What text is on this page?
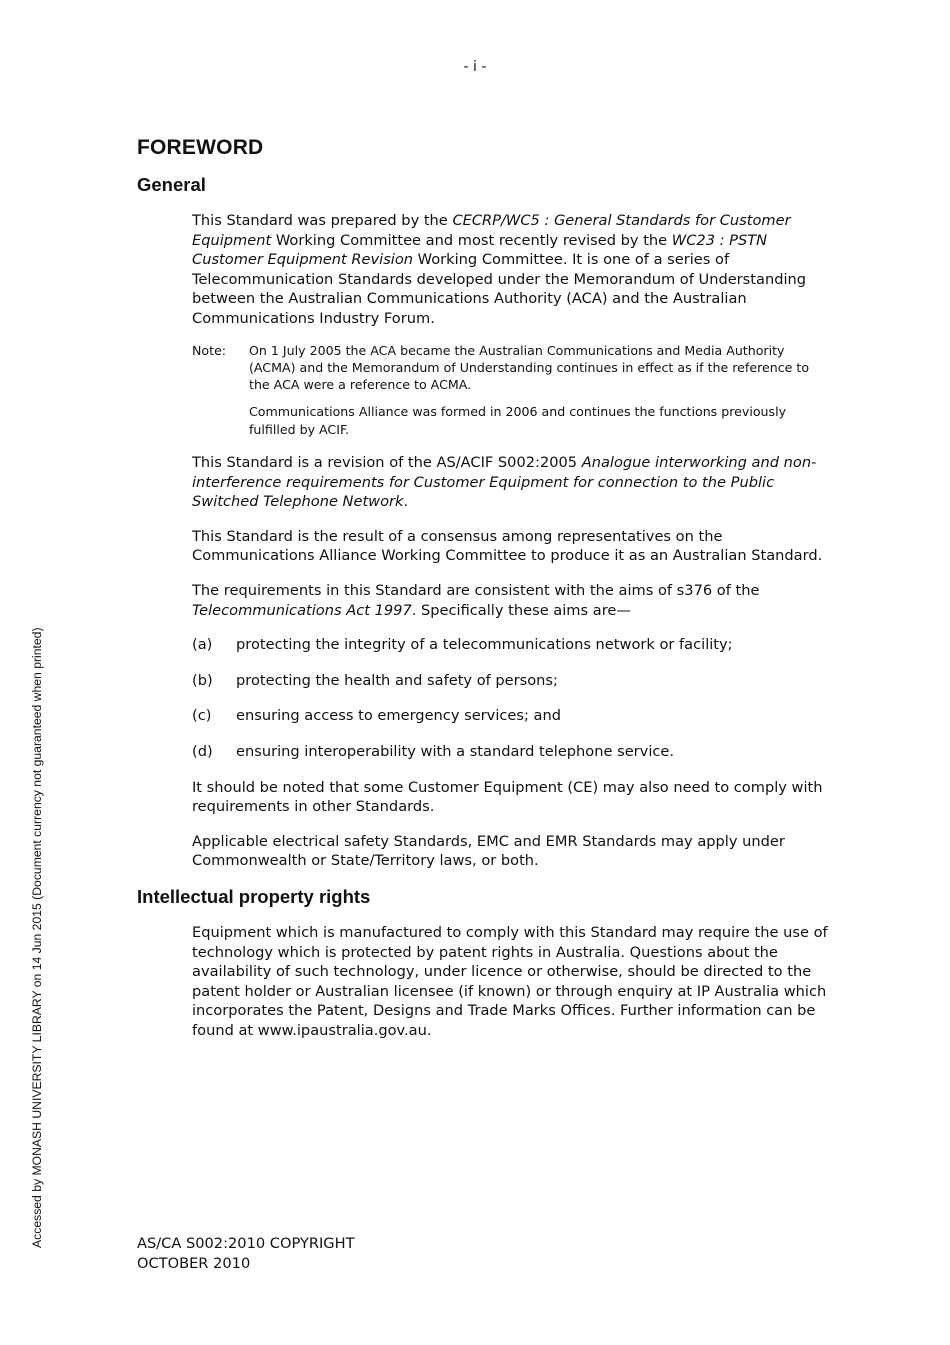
- i -
Accessed by MONASH UNIVERSITY LIBRARY on 14 Jun 2015 (Document currency not guaranteed when printed)
FOREWORD
General

This Standard was prepared by the CECRP/WC5 : General Standards for Customer Equipment Working Committee and most recently revised by the WC23 : PSTN Customer Equipment Revision Working Committee. It is one of a series of Telecommunication Standards developed under the Memorandum of Understanding between the Australian Communications Authority (ACA) and the Australian Communications Industry Forum.

Note:	On 1 July 2005 the ACA became the Australian Communications and Media Authority (ACMA) and the Memorandum of Understanding continues in effect as if the reference to the ACA were a reference to ACMA.

Communications Alliance was formed in 2006 and continues the functions previously fulfilled by ACIF.

This Standard is a revision of the AS/ACIF S002:2005 Analogue interworking and non-interference requirements for Customer Equipment for connection to the Public Switched Telephone Network.

This Standard is the result of a consensus among representatives on the Communications Alliance Working Committee to produce it as an Australian Standard.

The requirements in this Standard are consistent with the aims of s376 of the Telecommunications Act 1997. Specifically these aims are—

(a)	protecting the integrity of a telecommunications network or facility;
(b)	protecting the health and safety of persons;
(c)	ensuring access to emergency services; and
(d)	ensuring interoperability with a standard telephone service.

It should be noted that some Customer Equipment (CE) may also need to comply with requirements in other Standards.

Applicable electrical safety Standards, EMC and EMR Standards may apply under Commonwealth or State/Territory laws, or both.

Intellectual property rights

Equipment which is manufactured to comply with this Standard may require the use of technology which is protected by patent rights in Australia. Questions about the availability of such technology, under licence or otherwise, should be directed to the patent holder or Australian licensee (if known) or through enquiry at IP Australia which incorporates the Patent, Designs and Trade Marks Offices. Further information can be found at www.ipaustralia.gov.au.

AS/CA S002:2010 COPYRIGHT
OCTOBER 2010
